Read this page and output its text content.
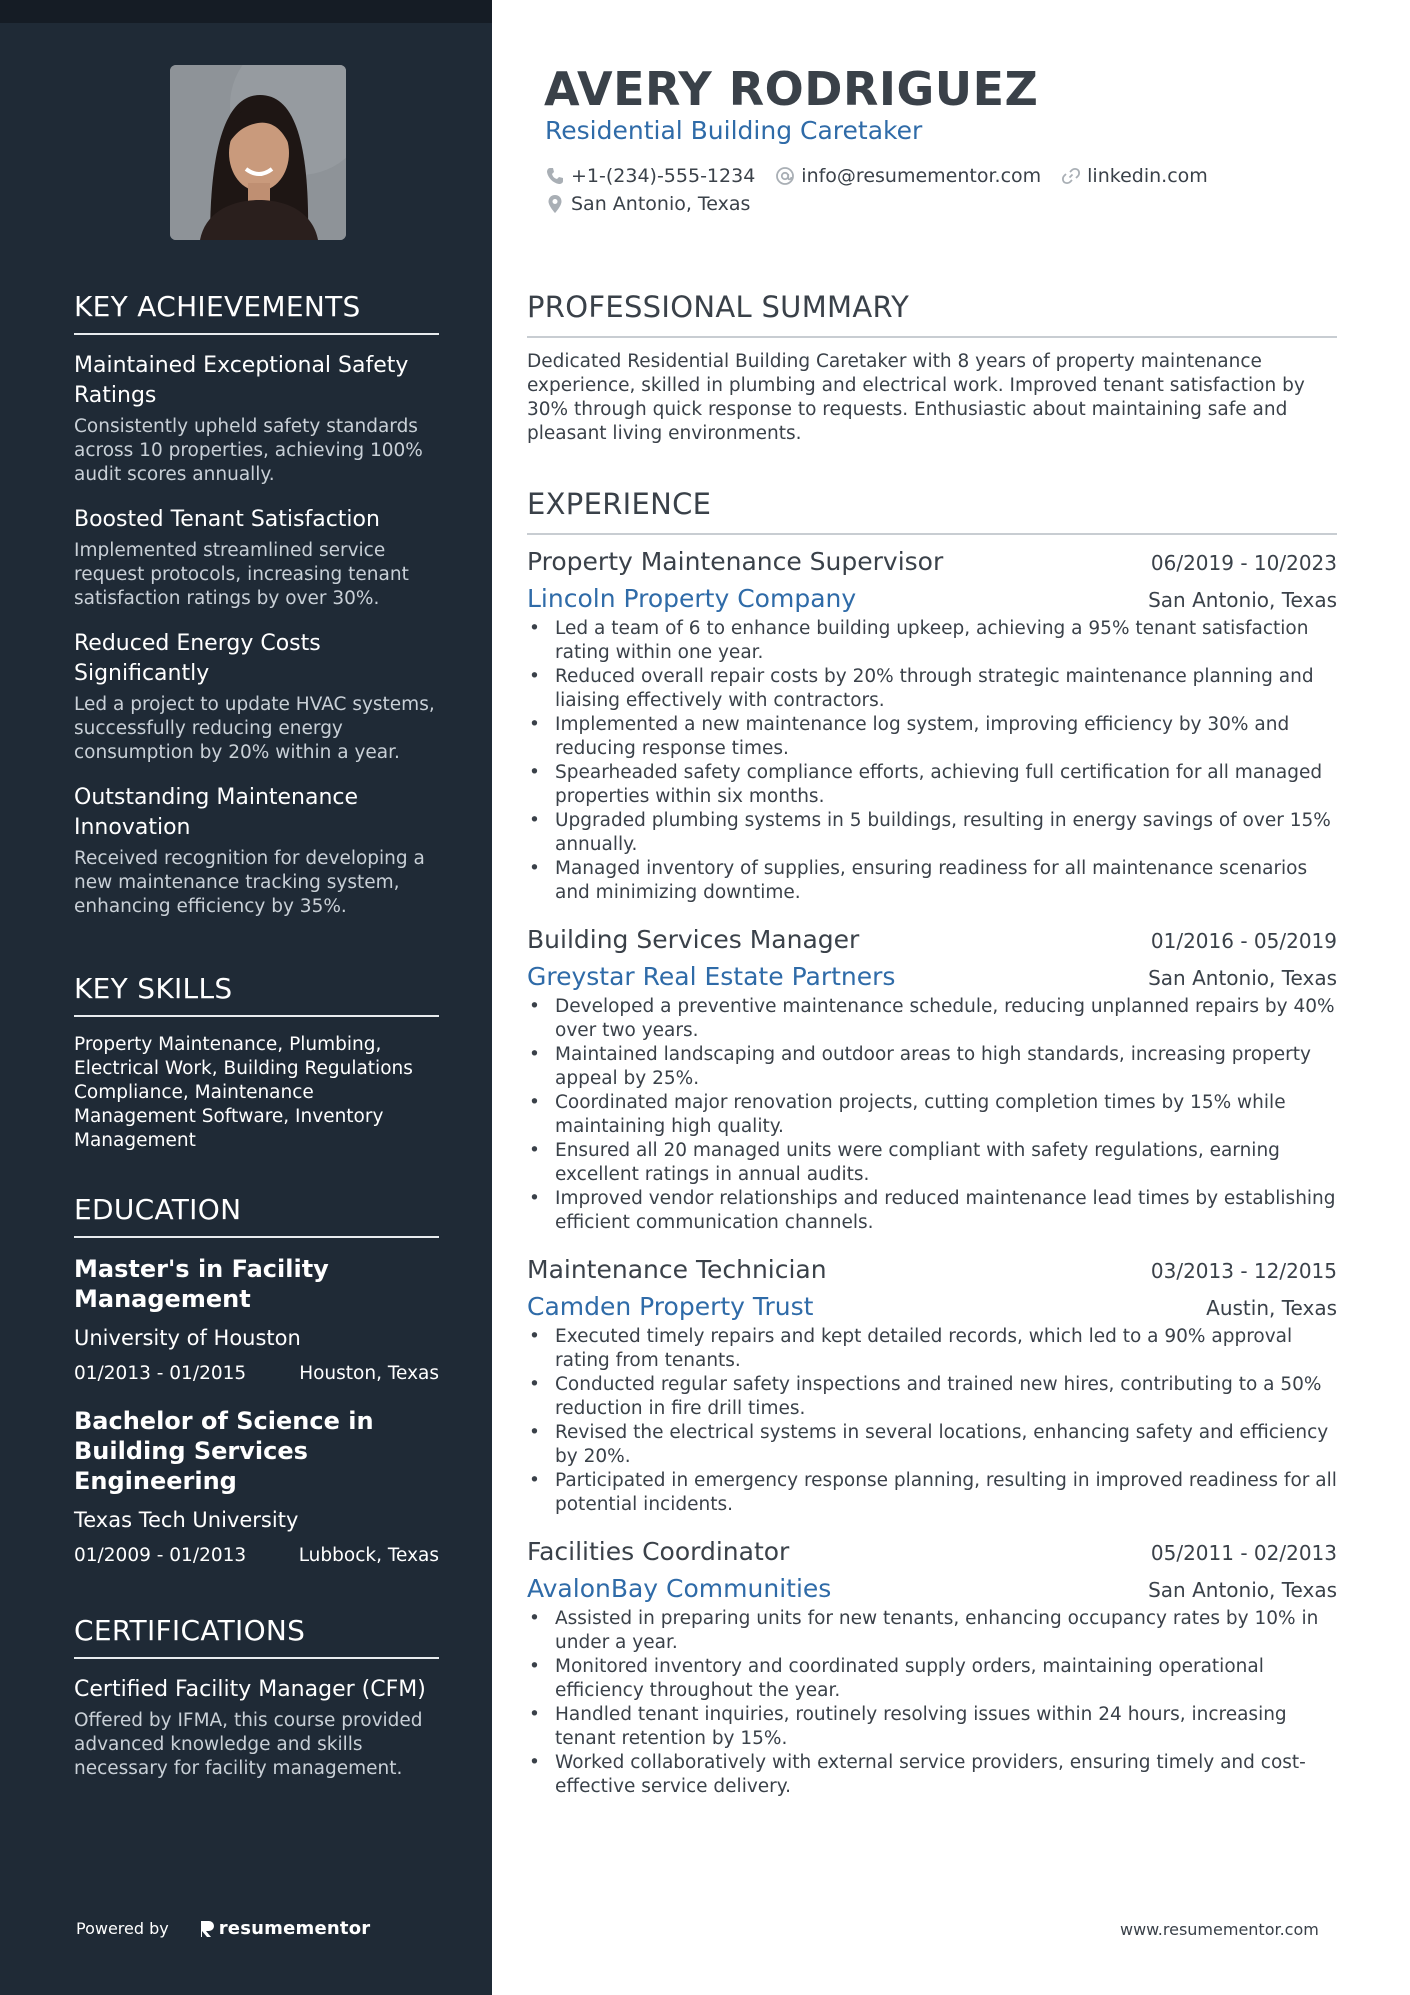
KEY ACHIEVEMENTS
Maintained Exceptional Safety Ratings
Consistently upheld safety standards across 10 properties, achieving 100% audit scores annually.
Boosted Tenant Satisfaction
Implemented streamlined service request protocols, increasing tenant satisfaction ratings by over 30%.
Reduced Energy Costs Significantly
Led a project to update HVAC systems, successfully reducing energy consumption by 20% within a year.
Outstanding Maintenance Innovation
Received recognition for developing a new maintenance tracking system, enhancing efficiency by 35%.
KEY SKILLS
Property Maintenance, Plumbing, Electrical Work, Building Regulations Compliance, Maintenance Management Software, Inventory Management
EDUCATION
Master's in Facility Management
University of Houston
01/2013 - 01/2015	Houston, Texas
Bachelor of Science in Building Services Engineering
Texas Tech University
01/2009 - 01/2013	Lubbock, Texas
CERTIFICATIONS
Certified Facility Manager (CFM)
Offered by IFMA, this course provided advanced knowledge and skills necessary for facility management.
Powered by	resumementor
AVERY RODRIGUEZ
Residential Building Caretaker
+1-(234)-555-1234 info@resumementor.com linkedin.com
San Antonio, Texas
PROFESSIONAL SUMMARY
Dedicated Residential Building Caretaker with 8 years of property maintenance experience, skilled in plumbing and electrical work. Improved tenant satisfaction by 30% through quick response to requests. Enthusiastic about maintaining safe and pleasant living environments.
EXPERIENCE
Property Maintenance Supervisor	06/2019 - 10/2023
Lincoln Property Company	San Antonio, Texas
• Led a team of 6 to enhance building upkeep, achieving a 95% tenant satisfaction rating within one year.
• Reduced overall repair costs by 20% through strategic maintenance planning and liaising effectively with contractors.
• Implemented a new maintenance log system, improving efficiency by 30% and reducing response times.
• Spearheaded safety compliance efforts, achieving full certification for all managed properties within six months.
• Upgraded plumbing systems in 5 buildings, resulting in energy savings of over 15% annually.
• Managed inventory of supplies, ensuring readiness for all maintenance scenarios and minimizing downtime.
Building Services Manager	01/2016 - 05/2019
Greystar Real Estate Partners	San Antonio, Texas
• Developed a preventive maintenance schedule, reducing unplanned repairs by 40% over two years.
• Maintained landscaping and outdoor areas to high standards, increasing property appeal by 25%.
• Coordinated major renovation projects, cutting completion times by 15% while maintaining high quality.
• Ensured all 20 managed units were compliant with safety regulations, earning excellent ratings in annual audits.
• Improved vendor relationships and reduced maintenance lead times by establishing efficient communication channels.
Maintenance Technician	03/2013 - 12/2015
Camden Property Trust	Austin, Texas
• Executed timely repairs and kept detailed records, which led to a 90% approval rating from tenants.
• Conducted regular safety inspections and trained new hires, contributing to a 50% reduction in fire drill times.
• Revised the electrical systems in several locations, enhancing safety and efficiency by 20%.
• Participated in emergency response planning, resulting in improved readiness for all potential incidents.
Facilities Coordinator	05/2011 - 02/2013
AvalonBay Communities	San Antonio, Texas
• Assisted in preparing units for new tenants, enhancing occupancy rates by 10% in under a year.
• Monitored inventory and coordinated supply orders, maintaining operational efficiency throughout the year.
• Handled tenant inquiries, routinely resolving issues within 24 hours, increasing tenant retention by 15%.
• Worked collaboratively with external service providers, ensuring timely and cost-effective service delivery.
www.resumementor.com
